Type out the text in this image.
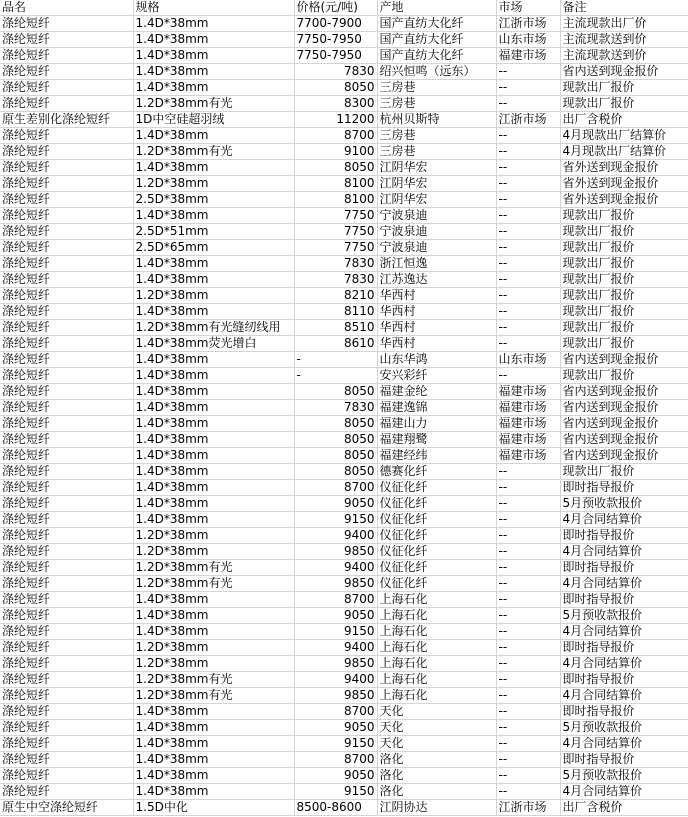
品名	规格	价格(元/吨)	产地	市场	备注
涤纶短纤	1.4D*38mm	7700-7900	国产直纺大化纤	江浙市场	主流现款出厂价
涤纶短纤	1.4D*38mm	7750-7950	国产直纺大化纤	山东市场	主流现款送到价
涤纶短纤	1.4D*38mm	7750-7950	国产直纺大化纤	福建市场	主流现款送到价
涤纶短纤	1.4D*38mm	7830	绍兴恒鸣（远东）	--	省内送到现金报价
涤纶短纤	1.4D*38mm	8050	三房巷	--	现款出厂报价
涤纶短纤	1.2D*38mm有光	8300	三房巷	--	现款出厂报价
原生差别化涤纶短纤	1D中空硅超羽绒	11200	杭州贝斯特	江浙市场	出厂含税价
涤纶短纤	1.4D*38mm	8700	三房巷	--	4月现款出厂结算价
涤纶短纤	1.2D*38mm有光	9100	三房巷	--	4月现款出厂结算价
涤纶短纤	1.4D*38mm	8050	江阴华宏	--	省外送到现金报价
涤纶短纤	1.2D*38mm	8100	江阴华宏	--	省外送到现金报价
涤纶短纤	2.5D*38mm	8100	江阴华宏	--	省外送到现金报价
涤纶短纤	1.4D*38mm	7750	宁波泉迪	--	现款出厂报价
涤纶短纤	2.5D*51mm	7750	宁波泉迪	--	现款出厂报价
涤纶短纤	2.5D*65mm	7750	宁波泉迪	--	现款出厂报价
涤纶短纤	1.4D*38mm	7830	浙江恒逸	--	现款出厂报价
涤纶短纤	1.4D*38mm	7830	江苏逸达	--	现款出厂报价
涤纶短纤	1.2D*38mm	8210	华西村	--	现款出厂报价
涤纶短纤	1.4D*38mm	8110	华西村	--	现款出厂报价
涤纶短纤	1.2D*38mm有光缝纫线用	8510	华西村	--	现款出厂报价
涤纶短纤	1.4D*38mm荧光增白	8610	华西村	--	现款出厂报价
涤纶短纤	1.4D*38mm	-	山东华鸿	山东市场	省内送到现金报价
涤纶短纤	1.4D*38mm	-	安兴彩纤	--	现款出厂报价
涤纶短纤	1.4D*38mm	8050	福建金纶	福建市场	省内送到现金报价
涤纶短纤	1.4D*38mm	7830	福建逸锦	福建市场	省内送到现金报价
涤纶短纤	1.4D*38mm	8050	福建山力	福建市场	省内送到现金报价
涤纶短纤	1.4D*38mm	8050	福建翔鹭	福建市场	省内送到现金报价
涤纶短纤	1.4D*38mm	8050	福建经纬	福建市场	省内送到现金报价
涤纶短纤	1.4D*38mm	8050	德赛化纤	--	现款出厂报价
涤纶短纤	1.4D*38mm	8700	仪征化纤	--	即时指导报价
涤纶短纤	1.4D*38mm	9050	仪征化纤	--	5月预收款报价
涤纶短纤	1.4D*38mm	9150	仪征化纤	--	4月合同结算价
涤纶短纤	1.2D*38mm	9400	仪征化纤	--	即时指导报价
涤纶短纤	1.2D*38mm	9850	仪征化纤	--	4月合同结算价
涤纶短纤	1.2D*38mm有光	9400	仪征化纤	--	即时指导报价
涤纶短纤	1.2D*38mm有光	9850	仪征化纤	--	4月合同结算价
涤纶短纤	1.4D*38mm	8700	上海石化	--	即时指导报价
涤纶短纤	1.4D*38mm	9050	上海石化	--	5月预收款报价
涤纶短纤	1.4D*38mm	9150	上海石化	--	4月合同结算价
涤纶短纤	1.2D*38mm	9400	上海石化	--	即时指导报价
涤纶短纤	1.2D*38mm	9850	上海石化	--	4月合同结算价
涤纶短纤	1.2D*38mm有光	9400	上海石化	--	即时指导报价
涤纶短纤	1.2D*38mm有光	9850	上海石化	--	4月合同结算价
涤纶短纤	1.4D*38mm	8700	天化	--	即时指导报价
涤纶短纤	1.4D*38mm	9050	天化	--	5月预收款报价
涤纶短纤	1.4D*38mm	9150	天化	--	4月合同结算价
涤纶短纤	1.4D*38mm	8700	洛化	--	即时指导报价
涤纶短纤	1.4D*38mm	9050	洛化	--	5月预收款报价
涤纶短纤	1.4D*38mm	9150	洛化	--	4月合同结算价
原生中空涤纶短纤	1.5D中化	8500-8600	江阴协达	江浙市场	出厂含税价
